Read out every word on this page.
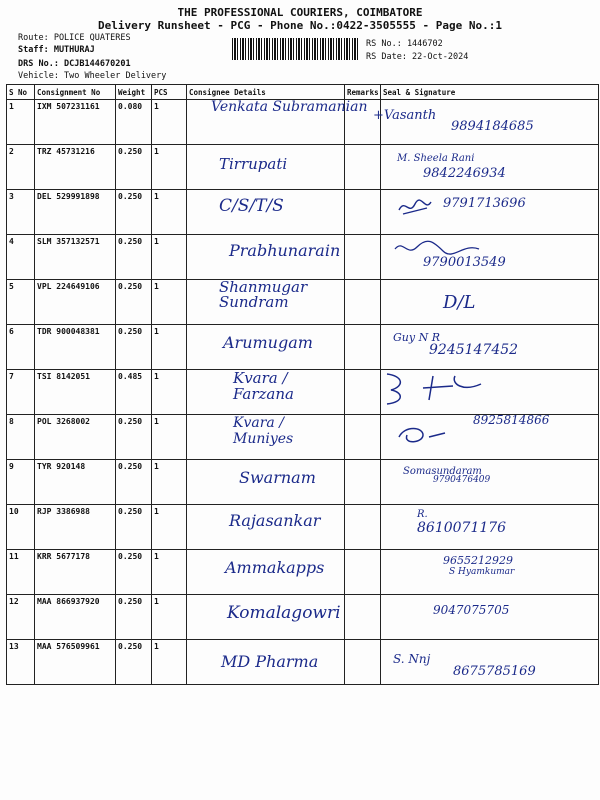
THE PROFESSIONAL COURIERS, COIMBATORE
Delivery Runsheet - PCG - Phone No.:0422-3505555 - Page No.:1
Route: POLICE QUATERES
Staff: MUTHURAJ
DRS No.: DCJB144670201
Vehicle: Two Wheeler Delivery
RS No.: 1446702
RS Date: 22-Oct-2024
S No	Consignment No	Weight	PCS	Consignee Details	Remarks	Seal & Signature
1	IXM 507231161	0.080	1	Venkata Subramanian		+Vasanth
9894184685

2	TRZ 45731216	0.250	1	Tirrupati		M. Sheela Rani
9842246934

3	DEL 529991898	0.250	1	C/S/T/S		9791713696

4	SLM 357132571	0.250	1	Prabhunarain		9790013549

5	VPL 224649106	0.250	1	Shanmugar Sundram		D/L

6	TDR 900048381	0.250	1	Arumugam		Guy N R
9245147452

7	TSI 8142051	0.485	1	Kvara / Farzana

8	POL 3268002	0.250	1	Kvara / Muniyes		8925814866

9	TYR 920148	0.250	1	Swarnam		Somasundaram
9790476409

10	RJP 3386988	0.250	1	Rajasankar		R.
8610071176

11	KRR 5677178	0.250	1	Ammakapps		9655212929
S Hyamkumar

12	MAA 866937920	0.250	1	Komalagowri		9047075705

13	MAA 576509961	0.250	1	MD Pharma		S. Nnj
8675785169
